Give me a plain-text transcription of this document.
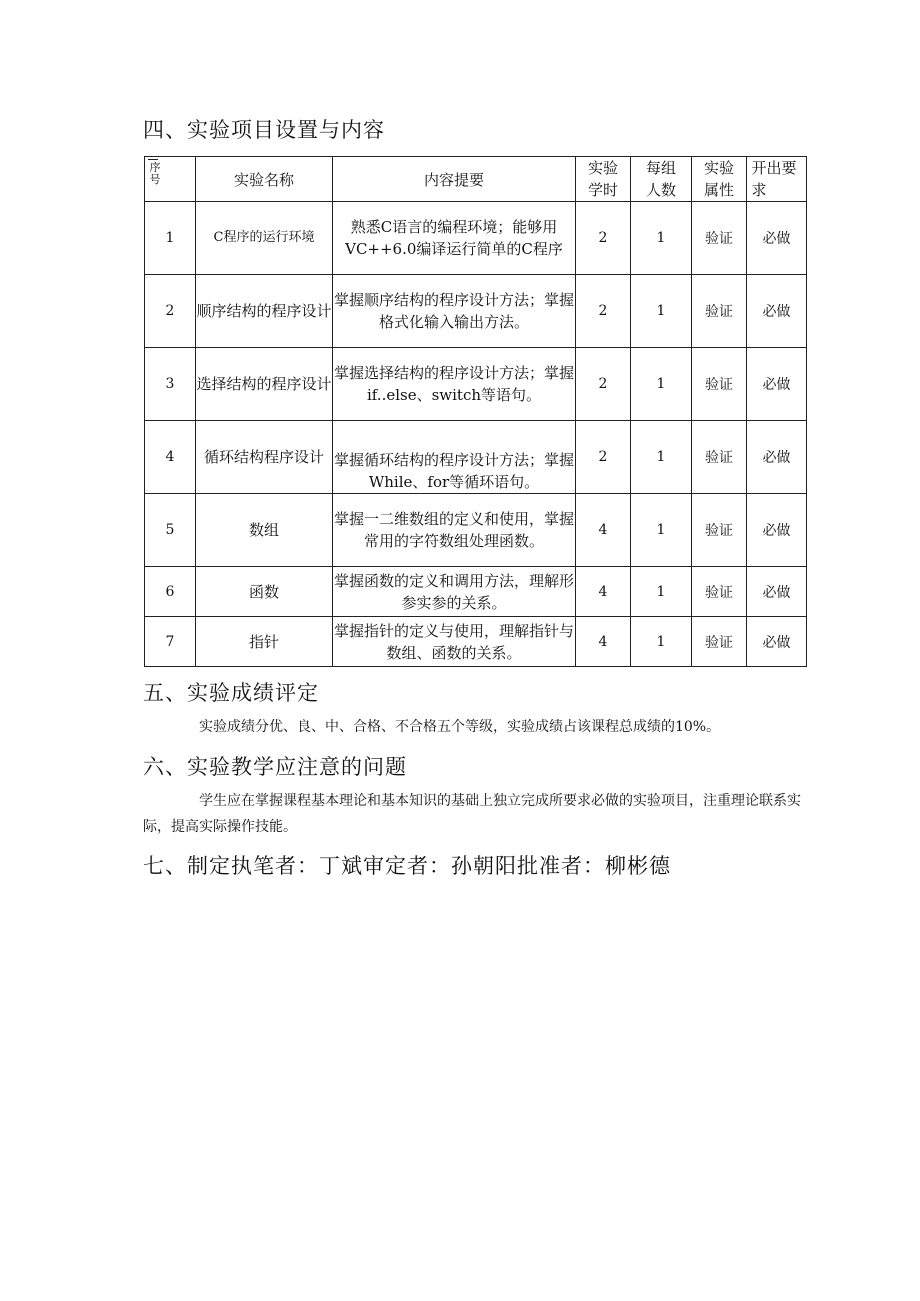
四、实验项目设置与内容
序号	实验名称	内容提要	实验学时	每组人数	实验属性	开出要求

1	C程序的运行环境	熟悉C语言的编程环境；能够用VC++6.0编译运行简单的C程序	2	1	验证	必做
2	顺序结构的程序设计	掌握顺序结构的程序设计方法；掌握格式化输入输出方法。	2	1	验证	必做
3	选择结构的程序设计	掌握选择结构的程序设计方法；掌握if..else、switch等语句。	2	1	验证	必做
4	循环结构程序设计	掌握循环结构的程序设计方法；掌握While、for等循环语句。	2	1	验证	必做
5	数组	掌握一二维数组的定义和使用，掌握常用的字符数组处理函数。	4	1	验证	必做
6	函数	掌握函数的定义和调用方法，理解形参实参的关系。	4	1	验证	必做
7	指针	掌握指针的定义与使用，理解指针与数组、函数的关系。	4	1	验证	必做
五、实验成绩评定

实验成绩分优、良、中、合格、不合格五个等级，实验成绩占该课程总成绩的10%。

六、实验教学应注意的问题

学生应在掌握课程基本理论和基本知识的基础上独立完成所要求必做的实验项目，注重理论联系实际，提高实际操作技能。

七、制定执笔者：丁斌审定者：孙朝阳批准者：柳彬德
